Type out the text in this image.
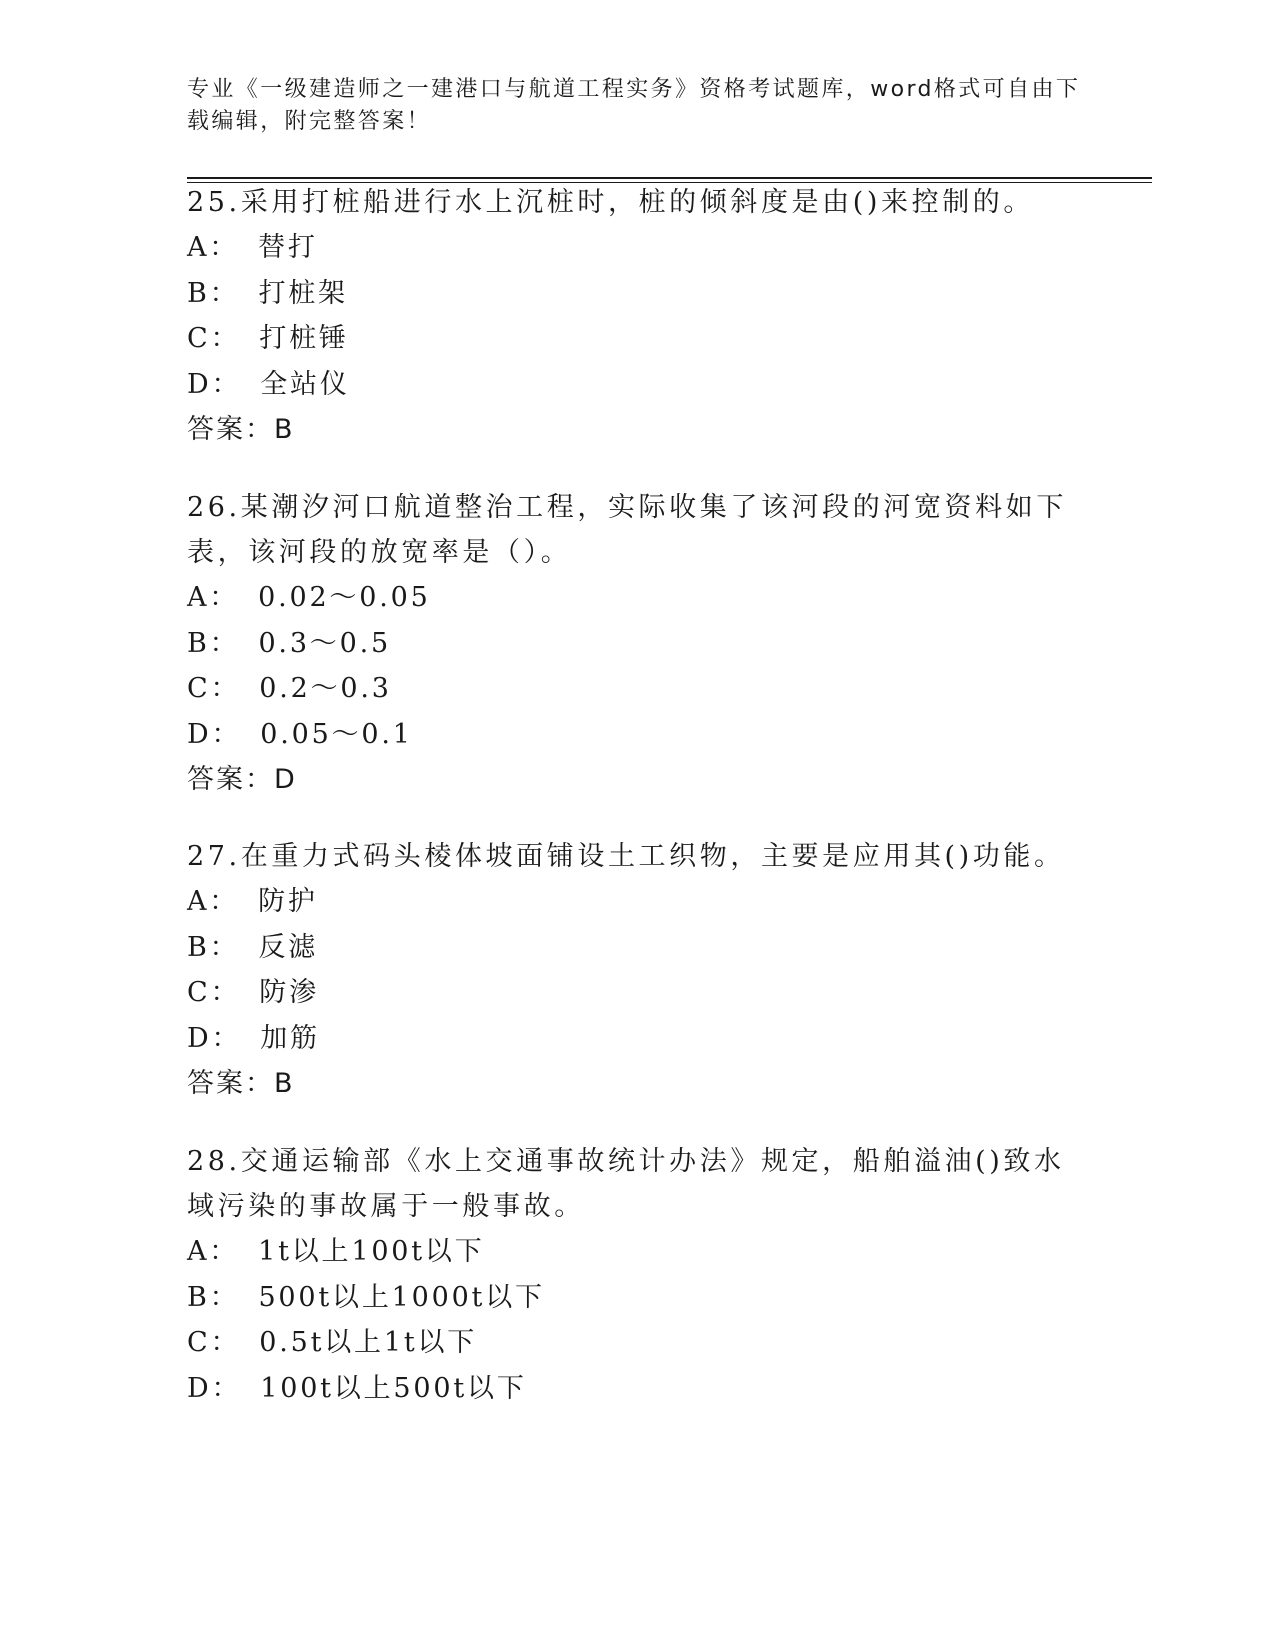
专业《一级建造师之一建港口与航道工程实务》资格考试题库，word格式可自由下载编辑，附完整答案！

25.采用打桩船进行水上沉桩时，桩的倾斜度是由()来控制的。

A： 替打
B： 打桩架
C： 打桩锤
D： 全站仪

答案：B

26.某潮汐河口航道整治工程，实际收集了该河段的河宽资料如下表，该河段的放宽率是（）。

A： 0.02～0.05
B： 0.3～0.5
C： 0.2～0.3
D： 0.05～0.1

答案：D

27.在重力式码头棱体坡面铺设土工织物，主要是应用其()功能。

A： 防护
B： 反滤
C： 防渗
D： 加筋

答案：B

28.交通运输部《水上交通事故统计办法》规定，船舶溢油()致水域污染的事故属于一般事故。

A： 1t以上100t以下
B： 500t以上1000t以下
C： 0.5t以上1t以下
D： 100t以上500t以下
